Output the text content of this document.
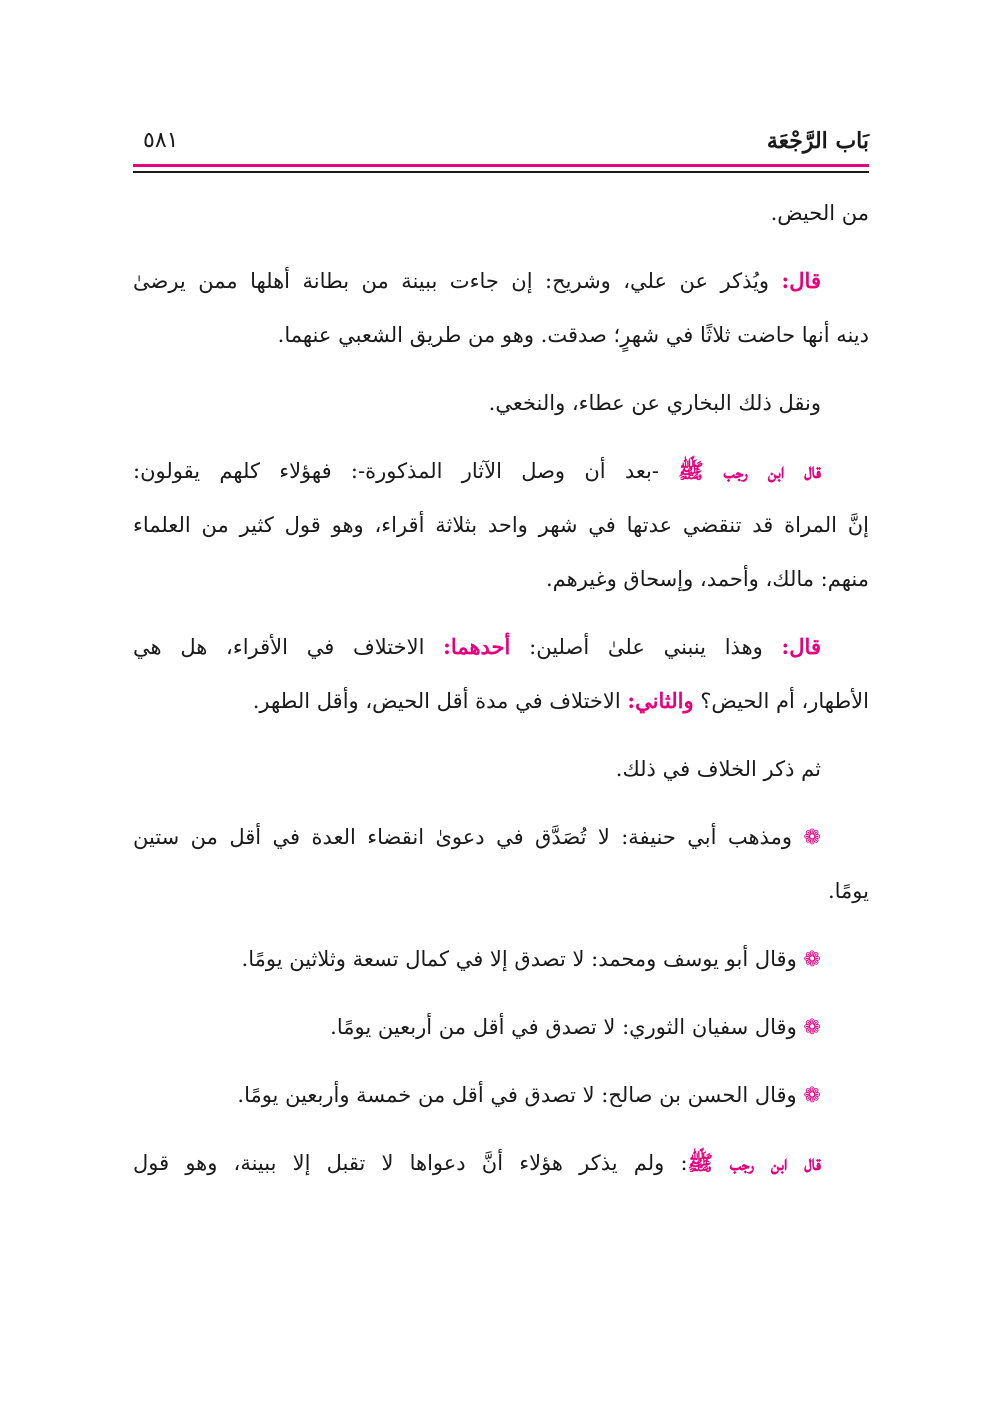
بَاب الرَّجْعَة
٥٨١
من الحيض.
قال: ويُذكر عن علي، وشريح: إن جاءت ببينة من بطانة أهلها ممن يرضىٰ
دينه أنها حاضت ثلاثًا في شهرٍ؛ صدقت. وهو من طريق الشعبي عنهما.
ونقل ذلك البخاري عن عطاء، والنخعي.
قال ابن رجب ﷺ -بعد أن وصل الآثار المذكورة-: فهؤلاء كلهم يقولون:
إنَّ المراة قد تنقضي عدتها في شهر واحد بثلاثة أقراء، وهو قول كثير من العلماء
منهم: مالك، وأحمد، وإسحاق وغيرهم.
قال: وهذا ينبني علىٰ أصلين: أحدهما: الاختلاف في الأقراء، هل هي
الأطهار، أم الحيض؟ والثاني: الاختلاف في مدة أقل الحيض، وأقل الطهر.
ثم ذكر الخلاف في ذلك.
❁ ومذهب أبي حنيفة: لا تُصَدَّق في دعوىٰ انقضاء العدة في أقل من ستين
يومًا.
❁ وقال أبو يوسف ومحمد: لا تصدق إلا في كمال تسعة وثلاثين يومًا.
❁ وقال سفيان الثوري: لا تصدق في أقل من أربعين يومًا.
❁ وقال الحسن بن صالح: لا تصدق في أقل من خمسة وأربعين يومًا.
قال ابن رجب ﷺ: ولم يذكر هؤلاء أنَّ دعواها لا تقبل إلا ببينة، وهو قول
